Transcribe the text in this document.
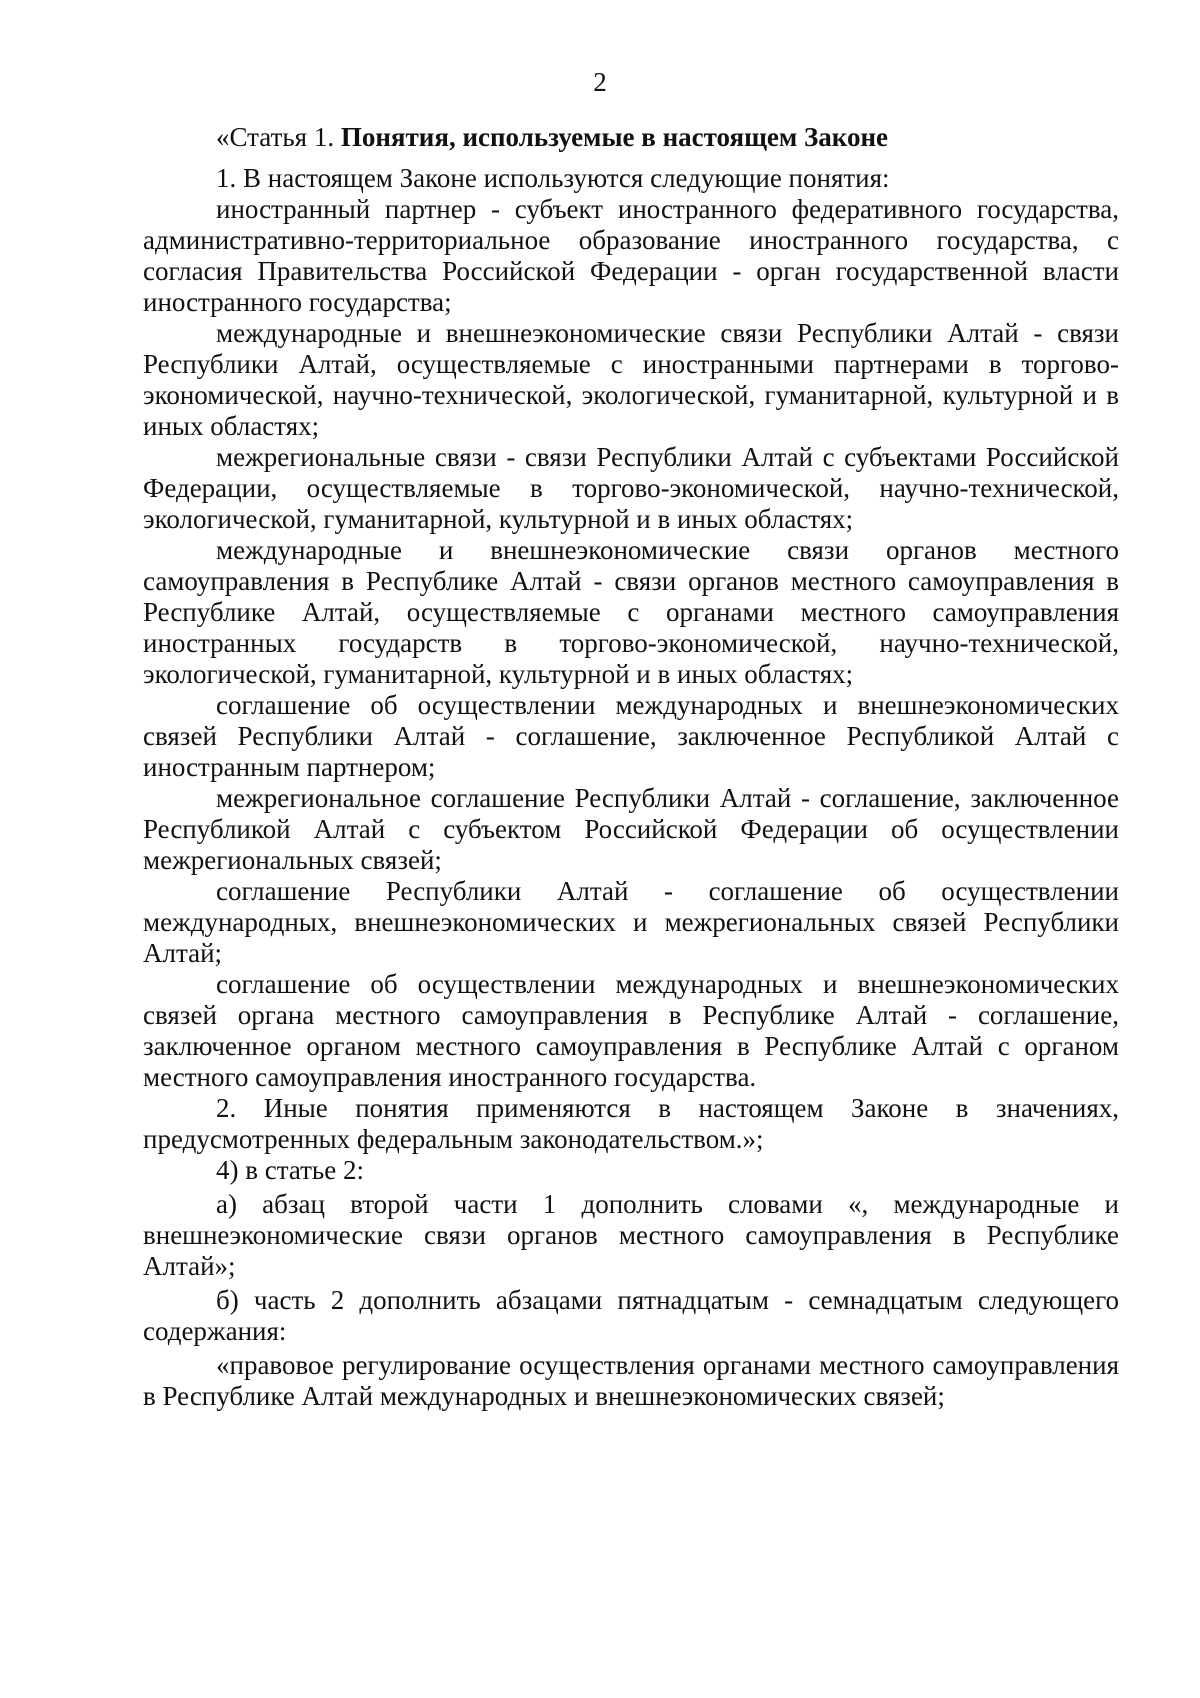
2

«Статья 1. Понятия, используемые в настоящем Законе

1. В настоящем Законе используются следующие понятия:

иностранный партнер - субъект иностранного федеративного государства, административно-территориальное образование иностранного государства, с согласия Правительства Российской Федерации - орган государственной власти иностранного государства;

международные и внешнеэкономические связи Республики Алтай - связи Республики Алтай, осуществляемые с иностранными партнерами в торгово-экономической, научно-технической, экологической, гуманитарной, культурной и в иных областях;

межрегиональные связи - связи Республики Алтай с субъектами Российской Федерации, осуществляемые в торгово-экономической, научно-технической, экологической, гуманитарной, культурной и в иных областях;

международные и внешнеэкономические связи органов местного самоуправления в Республике Алтай - связи органов местного самоуправления в Республике Алтай, осуществляемые с органами местного самоуправления иностранных государств в торгово-экономической, научно-технической, экологической, гуманитарной, культурной и в иных областях;

соглашение об осуществлении международных и внешнеэкономических связей Республики Алтай - соглашение, заключенное Республикой Алтай с иностранным партнером;

межрегиональное соглашение Республики Алтай - соглашение, заключенное Республикой Алтай с субъектом Российской Федерации об осуществлении межрегиональных связей;

соглашение Республики Алтай - соглашение об осуществлении международных, внешнеэкономических и межрегиональных связей Республики Алтай;

соглашение об осуществлении международных и внешнеэкономических связей органа местного самоуправления в Республике Алтай - соглашение, заключенное органом местного самоуправления в Республике Алтай с органом местного самоуправления иностранного государства.

2. Иные понятия применяются в настоящем Законе в значениях, предусмотренных федеральным законодательством.»;

4) в статье 2:

а) абзац второй части 1 дополнить словами «, международные и внешнеэкономические связи органов местного самоуправления в Республике Алтай»;

б) часть 2 дополнить абзацами пятнадцатым - семнадцатым следующего содержания:

«правовое регулирование осуществления органами местного самоуправления в Республике Алтай международных и внешнеэкономических связей;
